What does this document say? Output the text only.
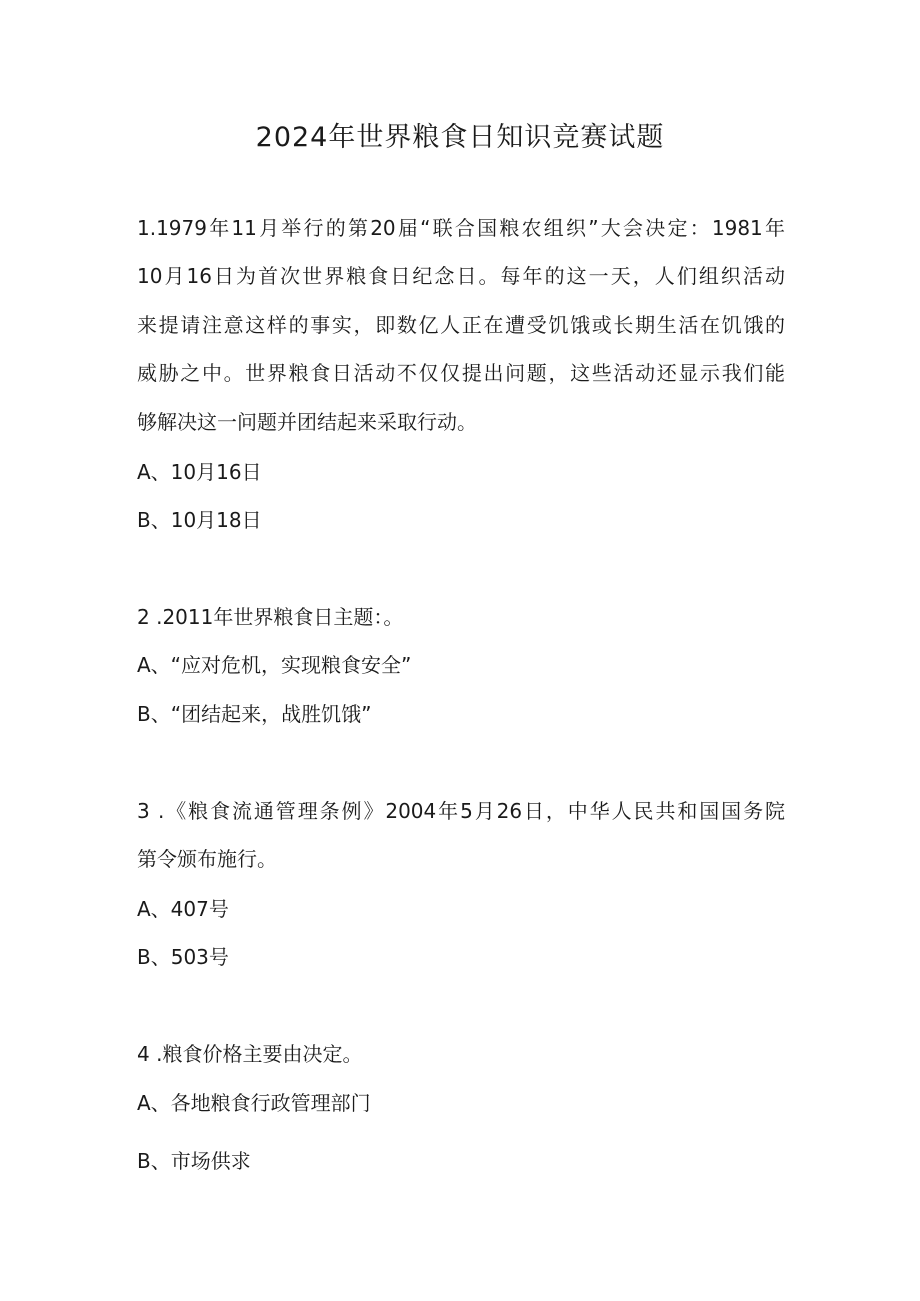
2024年世界粮食日知识竞赛试题
1.1979年11月举行的第20届“联合国粮农组织”大会决定：1981年
10月16日为首次世界粮食日纪念日。每年的这一天，人们组织活动
来提请注意这样的事实，即数亿人正在遭受饥饿或长期生活在饥饿的
威胁之中。世界粮食日活动不仅仅提出问题，这些活动还显示我们能
够解决这一问题并团结起来采取行动。
A、10月16日
B、10月18日
2 .2011年世界粮食日主题：。
A、“应对危机，实现粮食安全”
B、“团结起来，战胜饥饿”
3 .《粮食流通管理条例》2004年5月26日，中华人民共和国国务院
第令颁布施行。
A、407号
B、503号
4 .粮食价格主要由决定。
A、各地粮食行政管理部门
B、市场供求
